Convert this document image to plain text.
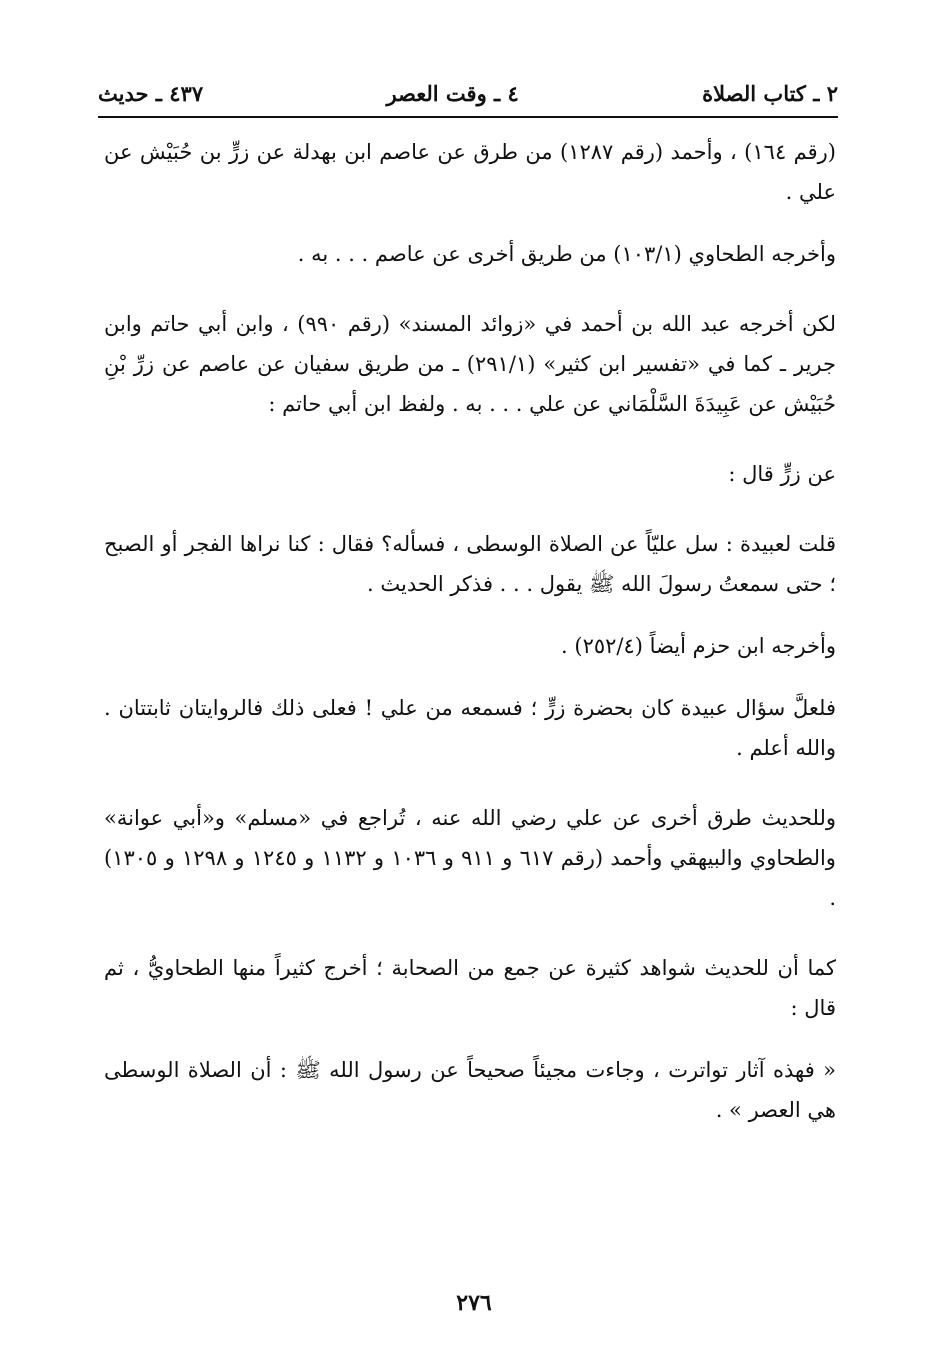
٢ ـ كتاب الصلاة
٤ ـ وقت العصر
٤٣٧ ـ حديث

(رقم ١٦٤) ، وأحمد (رقم ١٢٨٧) من طرق عن عاصم ابن بهدلة عن زرٍّ بن حُبَيْش عن علي .

وأخرجه الطحاوي (١٠٣/١) من طريق أخرى عن عاصم . . . به .

لكن أخرجه عبد الله بن أحمد في «زوائد المسند» (رقم ٩٩٠) ، وابن أبي حاتم وابن جرير ـ كما في «تفسير ابن كثير» (٢٩١/١) ـ من طريق سفيان عن عاصم عن زرِّ بْنِ حُبَيْش عن عَبِيدَةَ السَّلْمَاني عن علي . . . به . ولفظ ابن أبي حاتم :

عن زرٍّ قال :

قلت لعبيدة : سل عليّاً عن الصلاة الوسطى ، فسأله؟ فقال : كنا نراها الفجر أو الصبح ؛ حتى سمعتُ رسولَ الله ﷺ يقول . . . فذكر الحديث .

وأخرجه ابن حزم أيضاً (٢٥٢/٤) .

فلعلَّ سؤال عبيدة كان بحضرة زرٍّ ؛ فسمعه من علي ! فعلى ذلك فالروايتان ثابتتان . والله أعلم .

وللحديث طرق أخرى عن علي رضي الله عنه ، تُراجع في «مسلم» و«أبي عوانة» والطحاوي والبيهقي وأحمد (رقم ٦١٧ و ٩١١ و ١٠٣٦ و ١١٣٢ و ١٢٤٥ و ١٢٩٨ و ١٣٠٥) .

كما أن للحديث شواهد كثيرة عن جمع من الصحابة ؛ أخرج كثيراً منها الطحاويُّ ، ثم قال :

« فهذه آثار تواترت ، وجاءت مجيئاً صحيحاً عن رسول الله ﷺ : أن الصلاة الوسطى هي العصر » .

٢٧٦
